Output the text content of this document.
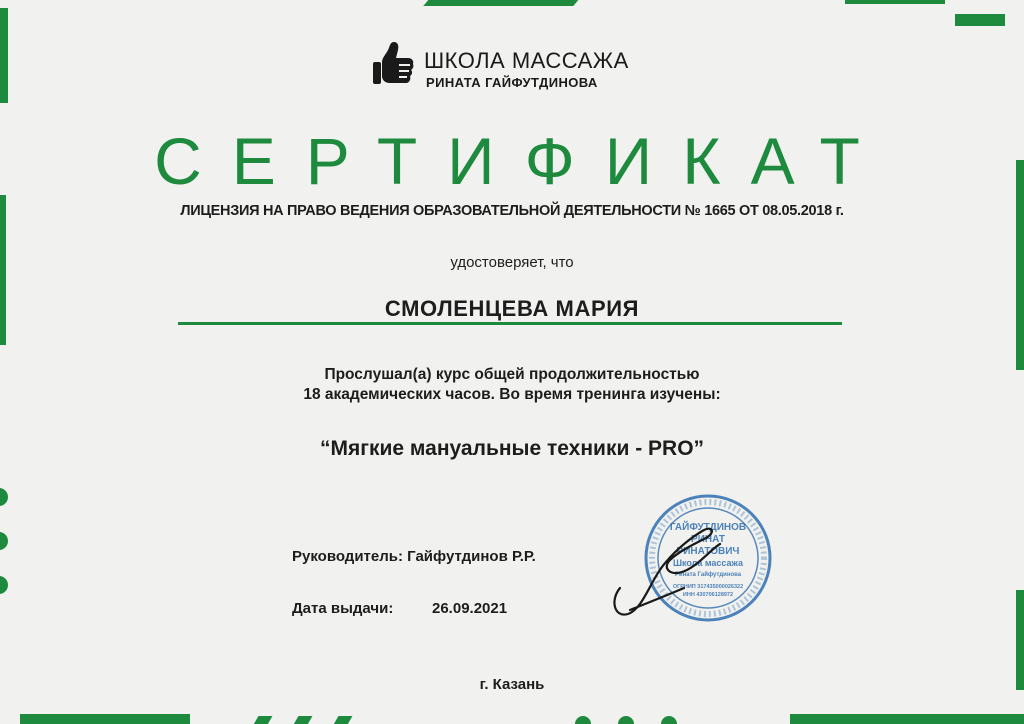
ШКОЛА МАССАЖА
РИНАТА ГАЙФУТДИНОВА
СЕРТИФИКАТ
ЛИЦЕНЗИЯ НА ПРАВО ВЕДЕНИЯ ОБРАЗОВАТЕЛЬНОЙ ДЕЯТЕЛЬНОСТИ № 1665 ОТ 08.05.2018 г.
удостоверяет, что
СМОЛЕНЦЕВА МАРИЯ
Прослушал(а) курс общей продолжительностью
18 академических часов. Во время тренинга изучены:
“Мягкие мануальные техники - PRO”
Руководитель: Гайфутдинов Р.Р.
Дата выдачи:	26.09.2021
г. Казань
ГАЙФУТДИНОВ
РИНАТ
РИНАТОВИЧ
Школа массажа
Рината Гайфутдинова
ОГРНИП 317435000026322
ИНН 430706128972
